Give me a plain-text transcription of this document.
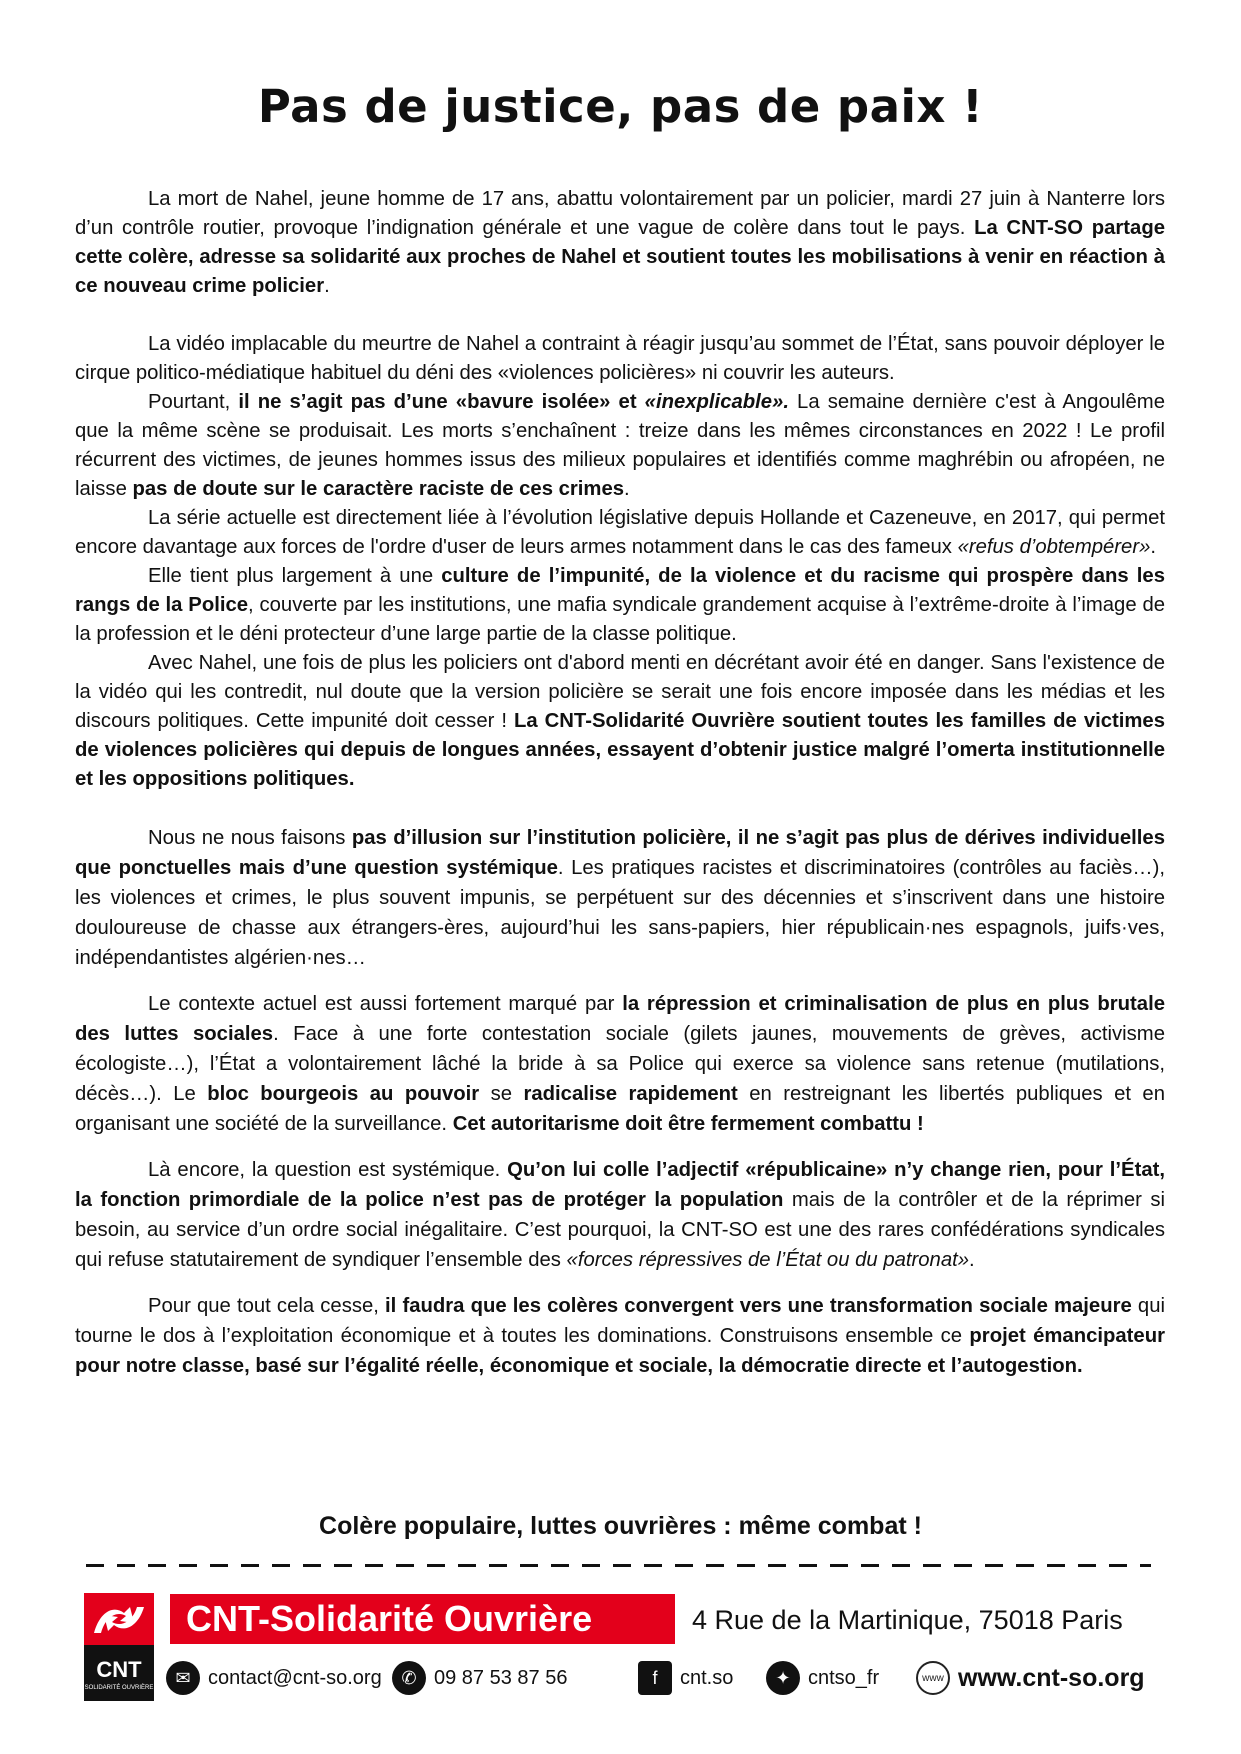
Pas de justice, pas de paix !

La mort de Nahel, jeune homme de 17 ans, abattu volontairement par un policier, mardi 27 juin à Nanterre lors d’un contrôle routier, provoque l’indignation générale et une vague de colère dans tout le pays. La CNT-SO partage cette colère, adresse sa solidarité aux proches de Nahel et soutient toutes les mobilisations à venir en réaction à ce nouveau crime policier.

La vidéo implacable du meurtre de Nahel a contraint à réagir jusqu’au sommet de l’État, sans pouvoir déployer le cirque politico-médiatique habituel du déni des «violences policières» ni couvrir les auteurs.

Pourtant, il ne s’agit pas d’une «bavure isolée» et «inexplicable». La semaine dernière c'est à Angoulême que la même scène se produisait. Les morts s’enchaînent : treize dans les mêmes circonstances en 2022 ! Le profil récurrent des victimes, de jeunes hommes issus des milieux populaires et identifiés comme maghrébin ou afropéen, ne laisse pas de doute sur le caractère raciste de ces crimes.

La série actuelle est directement liée à l’évolution législative depuis Hollande et Cazeneuve, en 2017, qui permet encore davantage aux forces de l'ordre d'user de leurs armes notamment dans le cas des fameux «refus d’obtempérer».

Elle tient plus largement à une culture de l’impunité, de la violence et du racisme qui prospère dans les rangs de la Police, couverte par les institutions, une mafia syndicale grandement acquise à l’extrême-droite à l’image de la profession et le déni protecteur d’une large partie de la classe politique.

Avec Nahel, une fois de plus les policiers ont d'abord menti en décrétant avoir été en danger. Sans l'existence de la vidéo qui les contredit, nul doute que la version policière se serait une fois encore imposée dans les médias et les discours politiques. Cette impunité doit cesser ! La CNT-Solidarité Ouvrière soutient toutes les familles de victimes de violences policières qui depuis de longues années, essayent d’obtenir justice malgré l’omerta institutionnelle et les oppositions politiques.

Nous ne nous faisons pas d’illusion sur l’institution policière, il ne s’agit pas plus de dérives individuelles que ponctuelles mais d’une question systémique. Les pratiques racistes et discriminatoires (contrôles au faciès…), les violences et crimes, le plus souvent impunis, se perpétuent sur des décennies et s’inscrivent dans une histoire douloureuse de chasse aux étrangers-ères, aujourd’hui les sans-papiers, hier républicain·nes espagnols, juifs·ves, indépendantistes algérien·nes…

Le contexte actuel est aussi fortement marqué par la répression et criminalisation de plus en plus brutale des luttes sociales. Face à une forte contestation sociale (gilets jaunes, mouvements de grèves, activisme écologiste…), l’État a volontairement lâché la bride à sa Police qui exerce sa violence sans retenue (mutilations, décès…). Le bloc bourgeois au pouvoir se radicalise rapidement en restreignant les libertés publiques et en organisant une société de la surveillance. Cet autoritarisme doit être fermement combattu !

Là encore, la question est systémique. Qu’on lui colle l’adjectif «républicaine» n’y change rien, pour l’État, la fonction primordiale de la police n’est pas de protéger la population mais de la contrôler et de la réprimer si besoin, au service d’un ordre social inégalitaire. C’est pourquoi, la CNT-SO est une des rares confédérations syndicales qui refuse statutairement de syndiquer l’ensemble des «forces répressives de l’État ou du patronat».

Pour que tout cela cesse, il faudra que les colères convergent vers une transformation sociale majeure qui tourne le dos à l’exploitation économique et à toutes les dominations. Construisons ensemble ce projet émancipateur pour notre classe, basé sur l’égalité réelle, économique et sociale, la démocratie directe et l’autogestion.

Colère populaire, luttes ouvrières : même combat !
CNT
SOLIDARITÉ OUVRIÈRE
CNT-Solidarité Ouvrière	4 Rue de la Martinique, 75018 Paris
✉ contact@cnt-so.org	✆ 09 87 53 87 56	f	cnt.so	✦ cntso_fr	www www.cnt-so.org
